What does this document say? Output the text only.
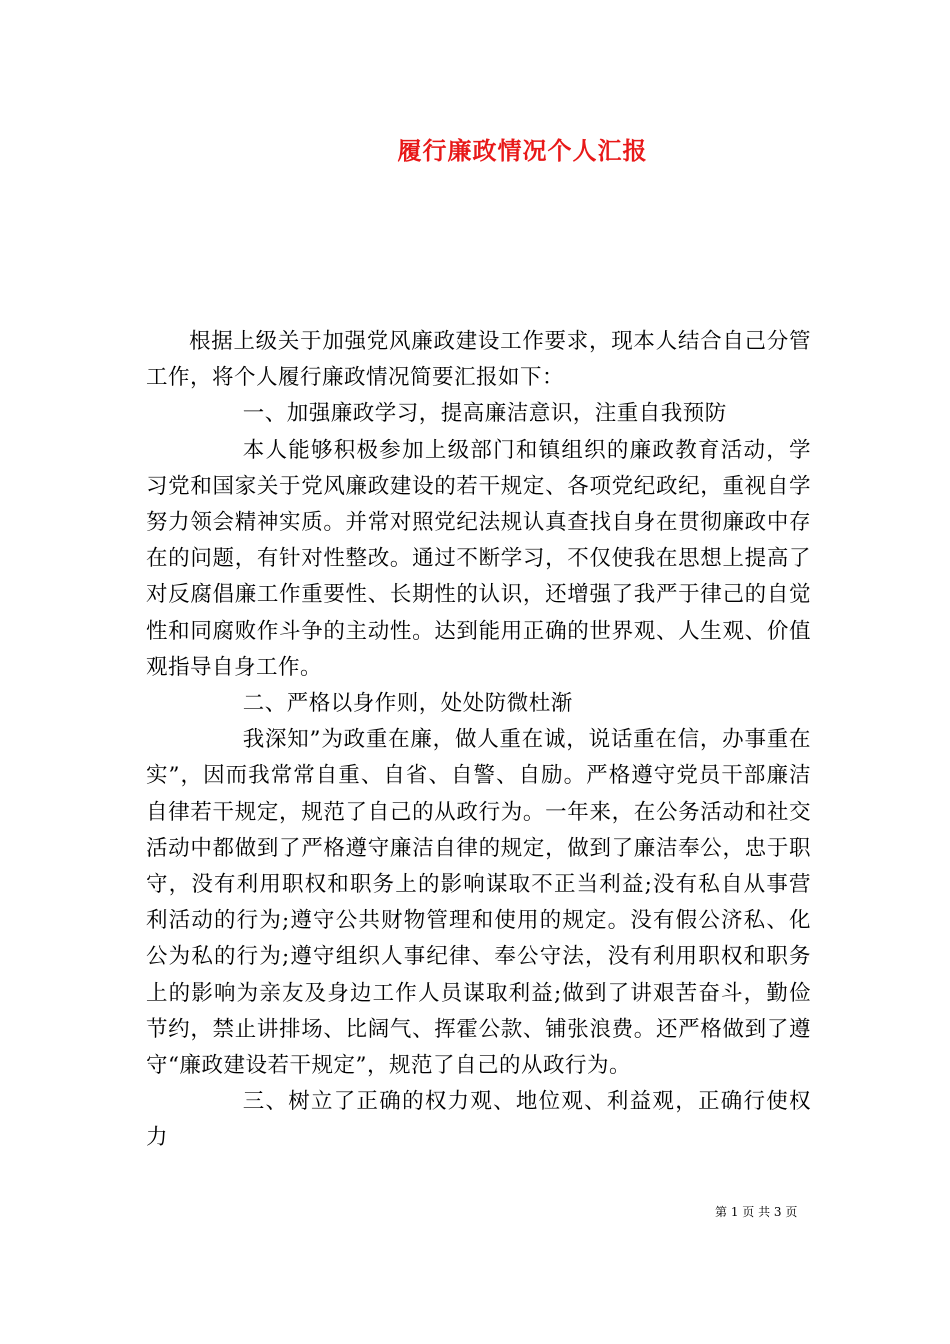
履行廉政情况个人汇报

根据上级关于加强党风廉政建设工作要求，现本人结合自己分管工作，将个人履行廉政情况简要汇报如下：

一、加强廉政学习，提高廉洁意识，注重自我预防

本人能够积极参加上级部门和镇组织的廉政教育活动，学习党和国家关于党风廉政建设的若干规定、各项党纪政纪，重视自学努力领会精神实质。并常对照党纪法规认真查找自身在贯彻廉政中存在的问题，有针对性整改。通过不断学习，不仅使我在思想上提高了对反腐倡廉工作重要性、长期性的认识，还增强了我严于律己的自觉性和同腐败作斗争的主动性。达到能用正确的世界观、人生观、价值观指导自身工作。

二、严格以身作则，处处防微杜渐

我深知”为政重在廉，做人重在诚，说话重在信，办事重在实”，因而我常常自重、自省、自警、自励。严格遵守党员干部廉洁自律若干规定，规范了自己的从政行为。一年来，在公务活动和社交活动中都做到了严格遵守廉洁自律的规定，做到了廉洁奉公，忠于职守，没有利用职权和职务上的影响谋取不正当利益;没有私自从事营利活动的行为;遵守公共财物管理和使用的规定。没有假公济私、化公为私的行为;遵守组织人事纪律、奉公守法，没有利用职权和职务上的影响为亲友及身边工作人员谋取利益;做到了讲艰苦奋斗，勤俭节约，禁止讲排场、比阔气、挥霍公款、铺张浪费。还严格做到了遵守“廉政建设若干规定”，规范了自己的从政行为。

三、树立了正确的权力观、地位观、利益观，正确行使权力

第 1 页 共 3 页
